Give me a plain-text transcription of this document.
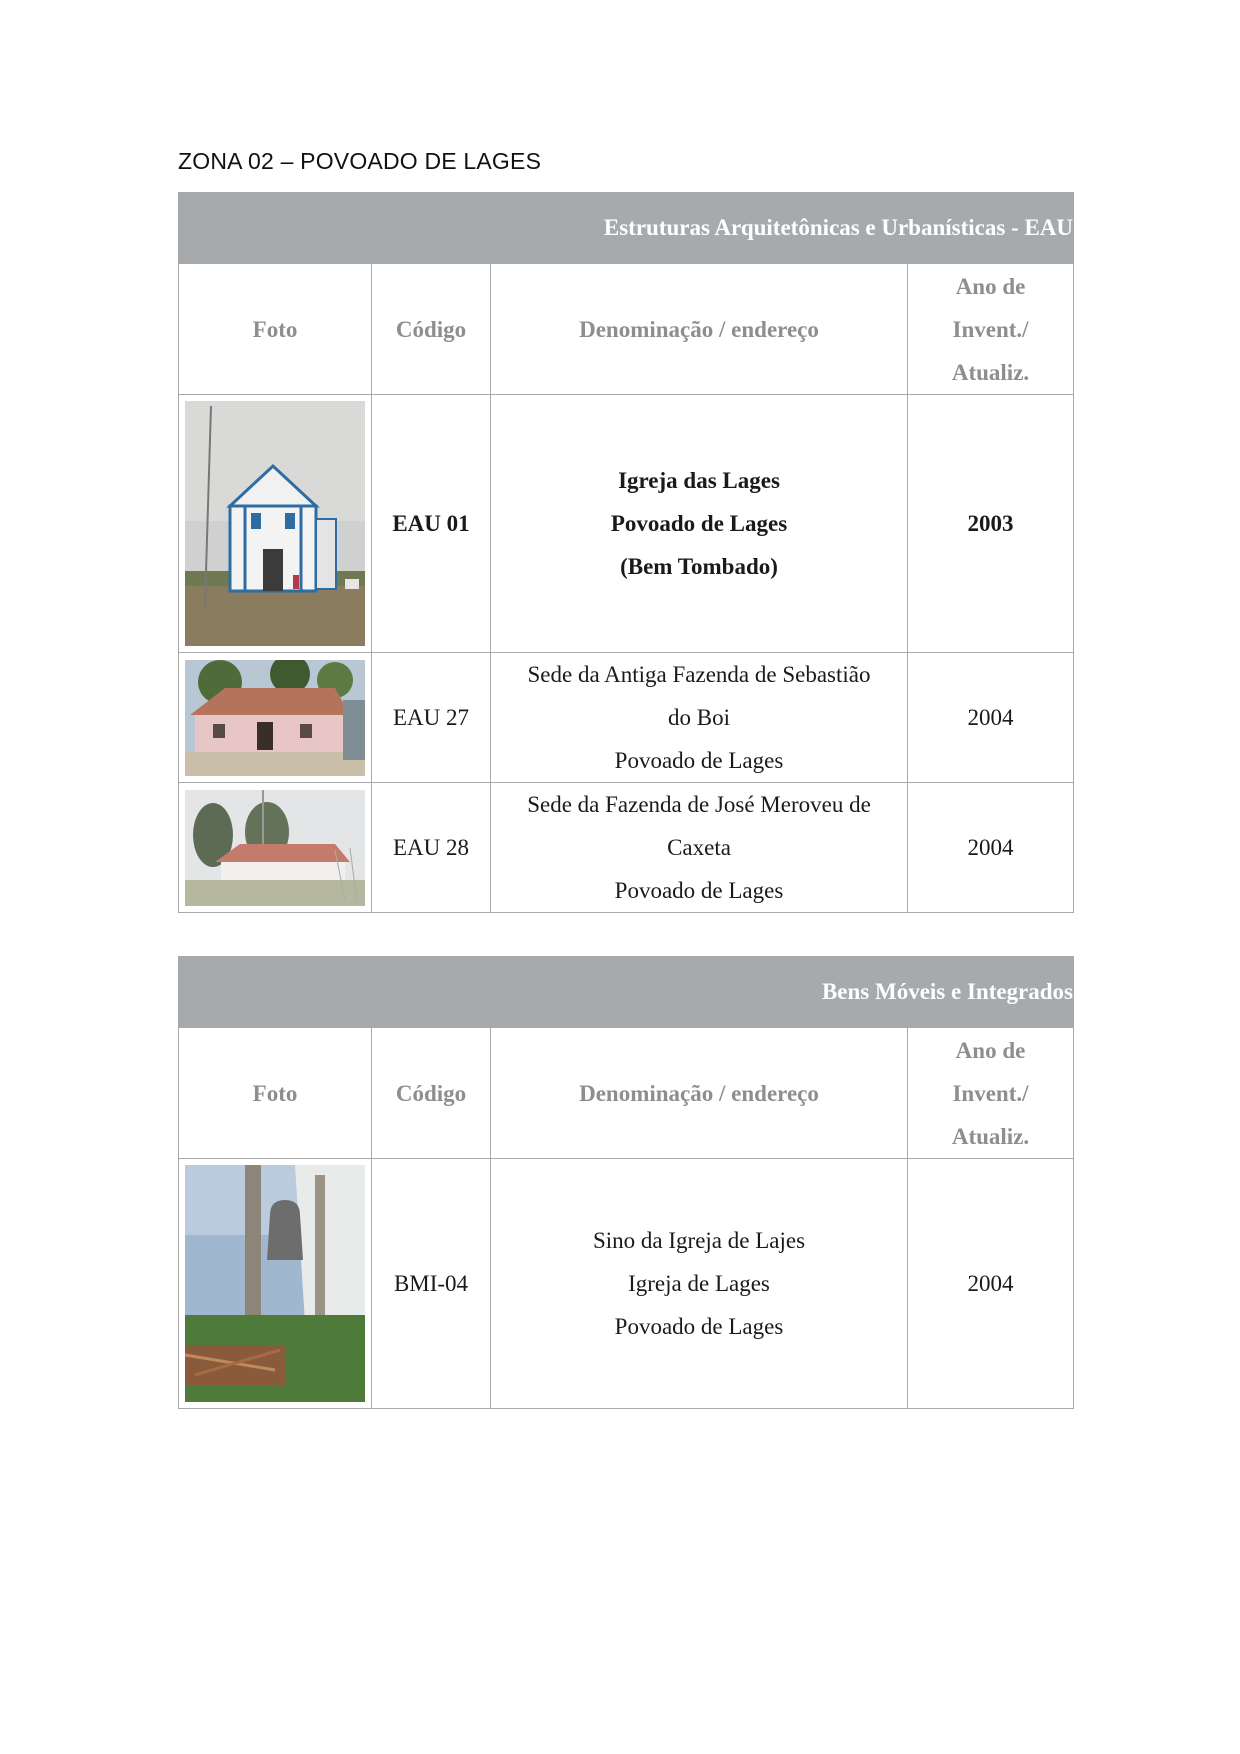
ZONA 02 – POVOADO DE LAGES
Estruturas Arquitetônicas e Urbanísticas - EAU			
Foto	Código	Denominação / endereço	Ano de
Invent./
Atualiz.

	EAU 01	Igreja das Lages
Povoado de Lages
(Bem Tombado)	2003

	EAU 27	Sede da Antiga Fazenda de Sebastião
do Boi
Povoado de Lages	2004

	EAU 28	Sede da Fazenda de José Meroveu de
Caxeta
Povoado de Lages	2004
Bens Móveis e Integrados			
Foto	Código	Denominação / endereço	Ano de
Invent./
Atualiz.

	BMI-04	Sino da Igreja de Lajes
Igreja de Lages
Povoado de Lages	2004
